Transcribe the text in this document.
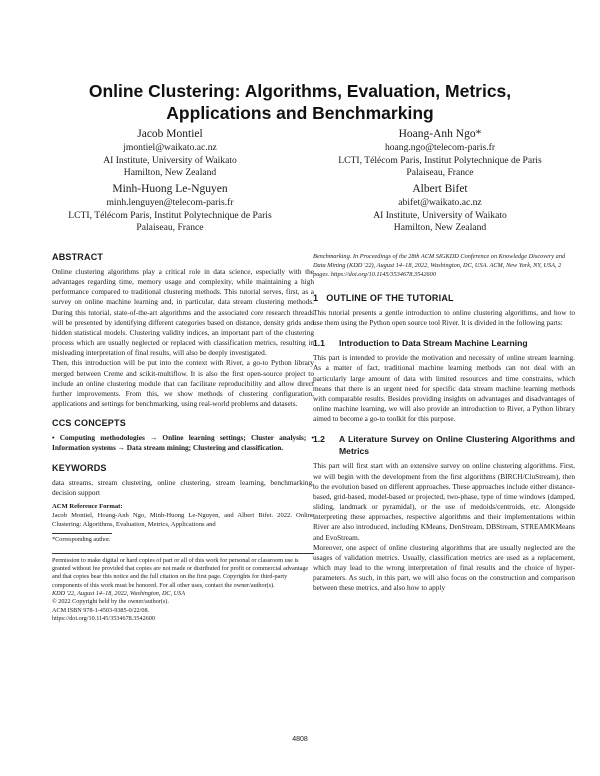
Online Clustering: Algorithms, Evaluation, Metrics, Applications and Benchmarking
Jacob Montiel
jmontiel@waikato.ac.nz
AI Institute, University of Waikato
Hamilton, New Zealand
Hoang-Anh Ngo*
hoang.ngo@telecom-paris.fr
LCTI, Télécom Paris, Institut Polytechnique de Paris
Palaiseau, France
Minh-Huong Le-Nguyen
minh.lenguyen@telecom-paris.fr
LCTI, Télécom Paris, Institut Polytechnique de Paris
Palaiseau, France
Albert Bifet
abifet@waikato.ac.nz
AI Institute, University of Waikato
Hamilton, New Zealand
ABSTRACT

Online clustering algorithms play a critical role in data science, especially with the advantages regarding time, memory usage and complexity, while maintaining a high performance compared to traditional clustering methods. This tutorial serves, first, as a survey on online machine learning and, in particular, data stream clustering methods. During this tutorial, state-of-the-art algorithms and the associated core research threads will be presented by identifying different categories based on distance, density grids and hidden statistical models. Clustering validity indices, an important part of the clustering process which are usually neglected or replaced with classification metrics, resulting in misleading interpretation of final results, will also be deeply investigated.

Then, this introduction will be put into the context with River, a go-to Python library merged between Creme and scikit-multiflow. It is also the first open-source project to include an online clustering module that can facilitate reproducibility and allow direct further improvements. From this, we show methods of clustering configuration, applications and settings for benchmarking, using real-world problems and datasets.

CCS CONCEPTS

• Computing methodologies → Online learning settings; Cluster analysis; • Information systems → Data stream mining; Clustering and classification.

KEYWORDS

data streams, stream clustering, online clustering, stream learning, benchmarking, decision support

ACM Reference Format:

Jacob Montiel, Hoang-Anh Ngo, Minh-Huong Le-Nguyen, and Albert Bifet. 2022. Online Clustering: Algorithms, Evaluation, Metrics, Applications and

*Corresponding author.

Permission to make digital or hard copies of part or all of this work for personal or classroom use is granted without fee provided that copies are not made or distributed for profit or commercial advantage and that copies bear this notice and the full citation on the first page. Copyrights for third-party components of this work must be honored. For all other uses, contact the owner/author(s).

KDD '22, August 14–18, 2022, Washington, DC, USA

© 2022 Copyright held by the owner/author(s).

ACM ISBN 978-1-4503-9385-0/22/08.

https://doi.org/10.1145/3534678.3542600

Benchmarking. In Proceedings of the 28th ACM SIGKDD Conference on Knowledge Discovery and Data Mining (KDD '22), August 14–18, 2022, Washington, DC, USA. ACM, New York, NY, USA, 2 pages. https://doi.org/10.1145/3534678.3542600

1   OUTLINE OF THE TUTORIAL

This tutorial presents a gentle introduction to online clustering algorithms, and how to use them using the Python open source tool River. It is divided in the following parts:

1.1	Introduction to Data Stream Machine Learning

This part is intended to provide the motivation and necessity of online stream learning. As a matter of fact, traditional machine learning methods can not deal with an particularly large amount of data with limited resources and time constrains, which means that there is an urgent need for specific data stream machine learning methods with comparable results. Besides providing insights on advantages and disadvantages of online machine learning, we will also provide an introduction to River, a Python library aimed to become a go-to toolkit for this purpose.

1.2	A Literature Survey on Online Clustering Algorithms and Metrics

This part will first start with an extensive survey on online clustering algorithms. First, we will begin with the development from the first algorithms (BIRCH/CluStream), then to the evolution based on different approaches. These approaches include either distance-based, grid-based, model-based or projected, two-phase, type of time windows (damped, sliding, landmark or pyramidal), or the use of medoids/centroids, etc. Alongside interpreting these approaches, respective algorithms and their implementations within River are also introduced, including KMeans, DenStream, DBStream, STREAMKMeans and EvoStream.

Moreover, one aspect of online clustering algorithms that are usually neglected are the usages of validation metrics. Usually, classification metrics are used as a replacement, which may lead to the wrong interpretation of final results and the choice of hyper-parameters. As such, in this part, we will also focus on the construction and comparison between these metrics, and also how to apply

4808
